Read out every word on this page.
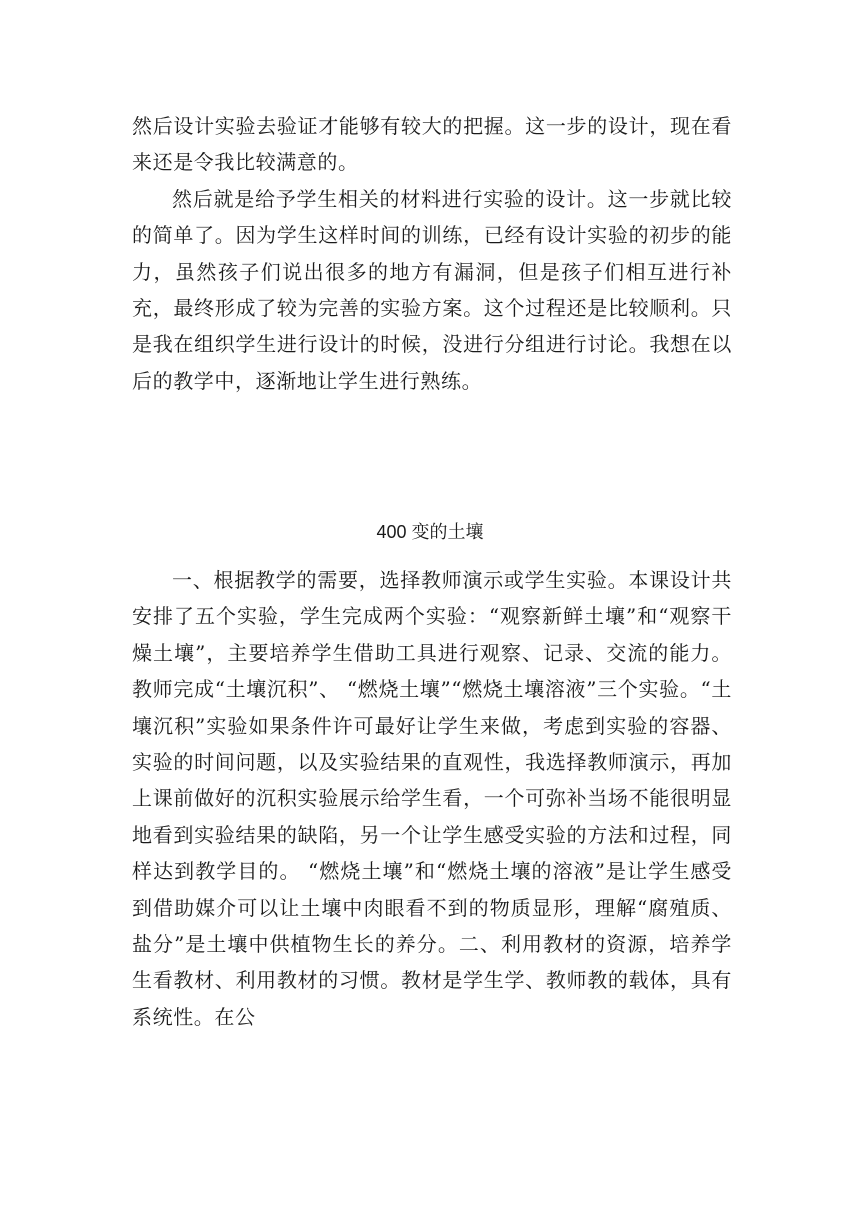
然后设计实验去验证才能够有较大的把握。这一步的设计，现在看来还是令我比较满意的。

然后就是给予学生相关的材料进行实验的设计。这一步就比较的简单了。因为学生这样时间的训练，已经有设计实验的初步的能力，虽然孩子们说出很多的地方有漏洞，但是孩子们相互进行补充，最终形成了较为完善的实验方案。这个过程还是比较顺利。只是我在组织学生进行设计的时候，没进行分组进行讨论。我想在以后的教学中，逐渐地让学生进行熟练。

400 变的土壤

一、根据教学的需要，选择教师演示或学生实验。本课设计共安排了五个实验，学生完成两个实验：“观察新鲜土壤”和“观察干燥土壤”，主要培养学生借助工具进行观察、记录、交流的能力。教师完成“土壤沉积”、 “燃烧土壤”“燃烧土壤溶液”三个实验。“土壤沉积”实验如果条件许可最好让学生来做，考虑到实验的容器、实验的时间问题，以及实验结果的直观性，我选择教师演示，再加上课前做好的沉积实验展示给学生看，一个可弥补当场不能很明显地看到实验结果的缺陷，另一个让学生感受实验的方法和过程，同样达到教学目的。 “燃烧土壤”和“燃烧土壤的溶液”是让学生感受到借助媒介可以让土壤中肉眼看不到的物质显形，理解“腐殖质、盐分”是土壤中供植物生长的养分。二、利用教材的资源，培养学生看教材、利用教材的习惯。教材是学生学、教师教的载体，具有系统性。在公
